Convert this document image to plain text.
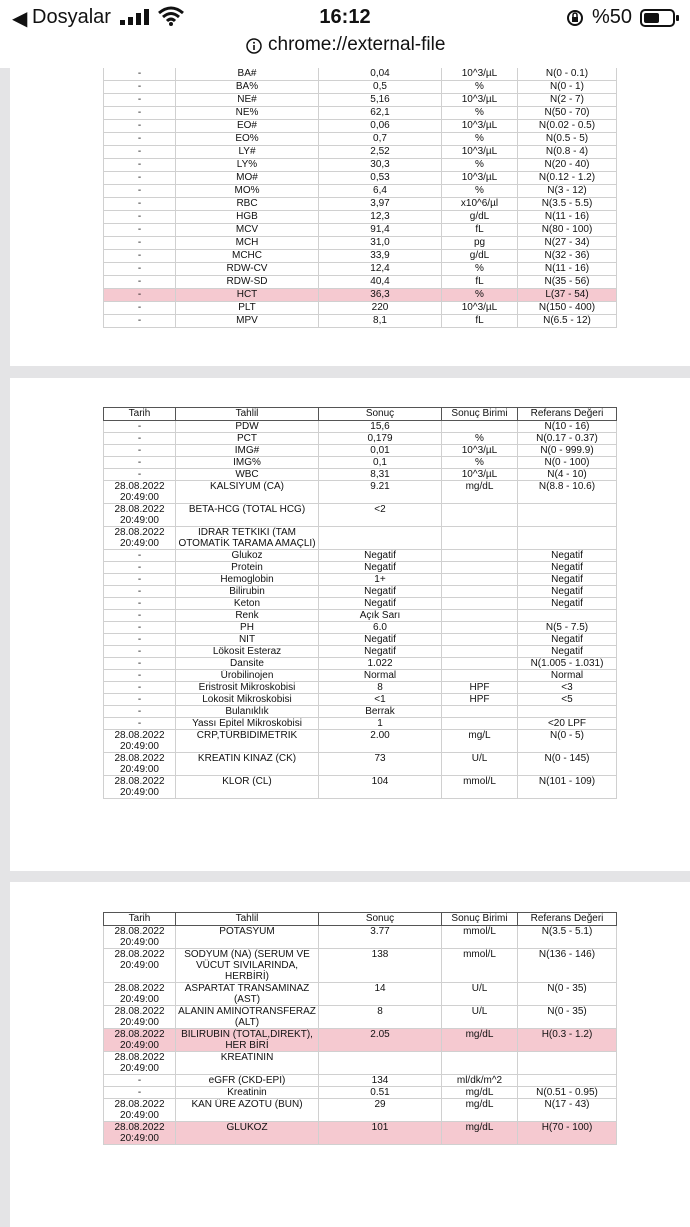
◀ Dosyalar	16:12	%50
chrome://external-file
-	BA#	0,04	10^3/µL	N(0 - 0.1)
-	BA%	0,5	%	N(0 - 1)
-	NE#	5,16	10^3/µL	N(2 - 7)
-	NE%	62,1	%	N(50 - 70)
-	EO#	0,06	10^3/µL	N(0.02 - 0.5)
-	EO%	0,7	%	N(0.5 - 5)
-	LY#	2,52	10^3/µL	N(0.8 - 4)
-	LY%	30,3	%	N(20 - 40)
-	MO#	0,53	10^3/µL	N(0.12 - 1.2)
-	MO%	6,4	%	N(3 - 12)
-	RBC	3,97	x10^6/µl	N(3.5 - 5.5)
-	HGB	12,3	g/dL	N(11 - 16)
-	MCV	91,4	fL	N(80 - 100)
-	MCH	31,0	pg	N(27 - 34)
-	MCHC	33,9	g/dL	N(32 - 36)
-	RDW-CV	12,4	%	N(11 - 16)
-	RDW-SD	40,4	fL	N(35 - 56)
-	HCT	36,3	%	L(37 - 54)
-	PLT	220	10^3/µL	N(150 - 400)
-	MPV	8,1	fL	N(6.5 - 12)
Tarih	Tahlil	Sonuç	Sonuç Birimi	Referans Değeri
-	PDW	15,6		N(10 - 16)
-	PCT	0,179	%	N(0.17 - 0.37)
-	IMG#	0,01	10^3/µL	N(0 - 999.9)
-	IMG%	0,1	%	N(0 - 100)
-	WBC	8,31	10^3/µL	N(4 - 10)
28.08.2022 20:49:00	KALSİYUM (CA)	9.21	mg/dL	N(8.8 - 10.6)
28.08.2022 20:49:00	BETA-HCG (TOTAL HCG)	<2		
28.08.2022 20:49:00	İDRAR TETKİKİ (TAM OTOMATİK TARAMA AMAÇLI)			
-	Glukoz	Negatif		Negatif
-	Protein	Negatif		Negatif
-	Hemoglobin	1+		Negatif
-	Bilirubin	Negatif		Negatif
-	Keton	Negatif		Negatif
-	Renk	Açık Sarı		
-	PH	6.0		N(5 - 7.5)
-	NIT	Negatif		Negatif
-	Lökosit Esteraz	Negatif		Negatif
-	Dansite	1.022		N(1.005 - 1.031)
-	Ürobilinojen	Normal		Normal
-	Eristrosit Mikroskobisi	8	HPF	<3
-	Lokosit Mikroskobisi	<1	HPF	<5
-	Bulanıklık	Berrak		
-	Yassı Epitel Mikroskobisi	1		<20 LPF
28.08.2022 20:49:00	CRP,TÜRBİDİMETRİK	2.00	mg/L	N(0 - 5)
28.08.2022 20:49:00	KREATİN KİNAZ (CK)	73	U/L	N(0 - 145)
28.08.2022 20:49:00	KLOR (CL)	104	mmol/L	N(101 - 109)
Tarih	Tahlil	Sonuç	Sonuç Birimi	Referans Değeri
28.08.2022 20:49:00	POTASYUM	3.77	mmol/L	N(3.5 - 5.1)
28.08.2022 20:49:00	SODYUM (NA) (SERUM VE VÜCUT SIVILARINDA, HERBİRİ)	138	mmol/L	N(136 - 146)
28.08.2022 20:49:00	ASPARTAT TRANSAMİNAZ (AST)	14	U/L	N(0 - 35)
28.08.2022 20:49:00	ALANİN AMİNOTRANSFERAZ (ALT)	8	U/L	N(0 - 35)
28.08.2022 20:49:00	BİLİRUBİN (TOTAL,DİREKT), HER BİRİ	2.05	mg/dL	H(0.3 - 1.2)
28.08.2022 20:49:00	KREATİNİN			
-	eGFR (CKD-EPI)	134	ml/dk/m^2	
-	Kreatinin	0.51	mg/dL	N(0.51 - 0.95)
28.08.2022 20:49:00	KAN ÜRE AZOTU (BUN)	29	mg/dL	N(17 - 43)
28.08.2022 20:49:00	GLUKOZ	101	mg/dL	H(70 - 100)
